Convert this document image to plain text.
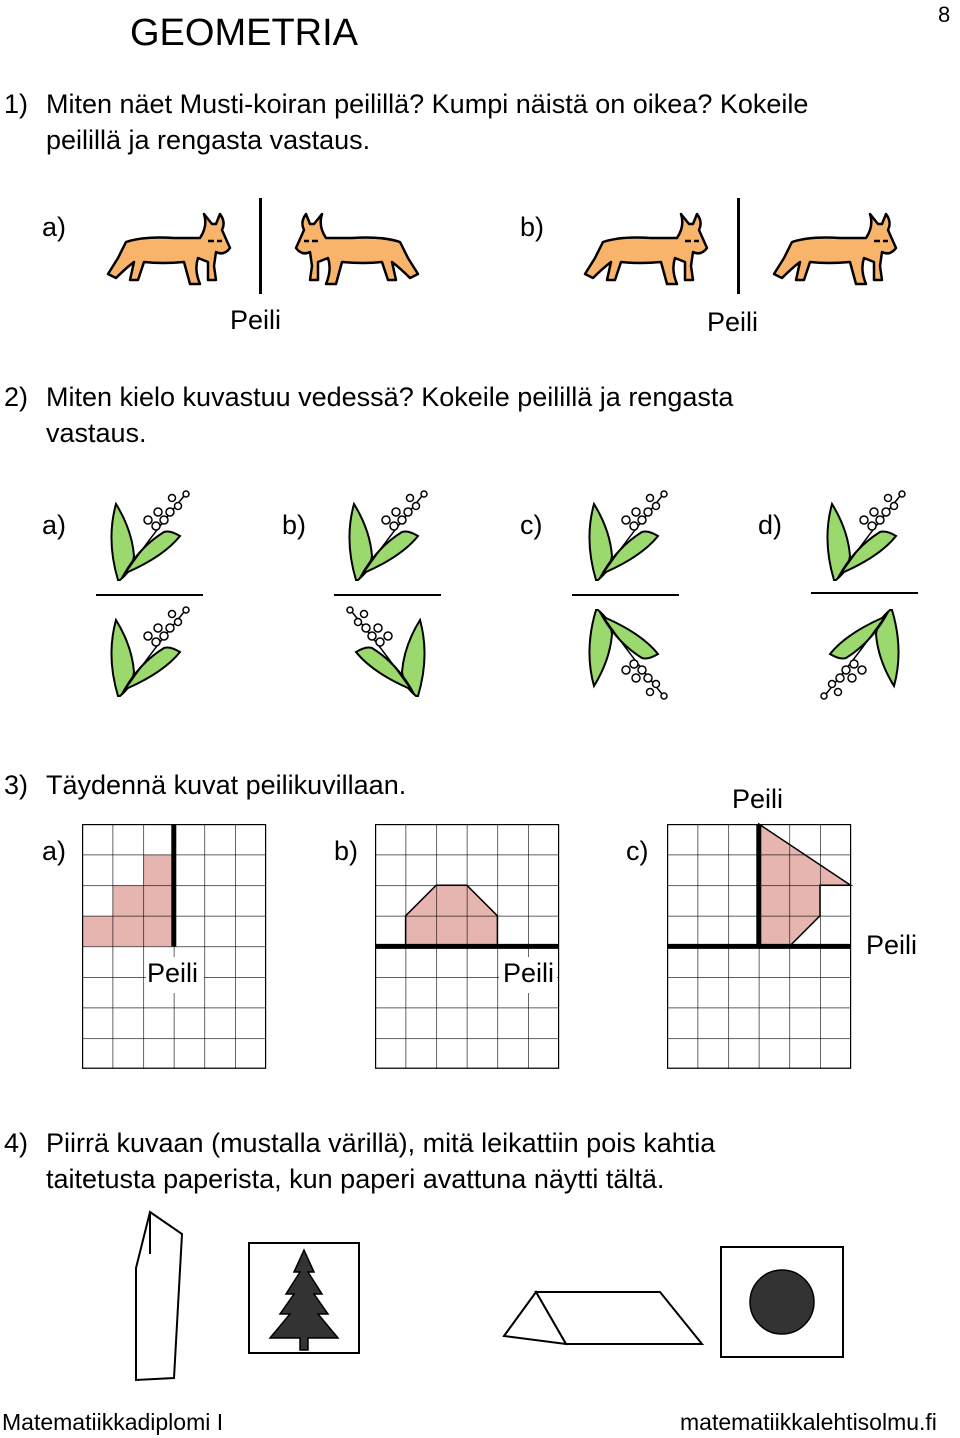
GEOMETRIA	8
1) Miten näet Musti-koiran peilillä? Kumpi näistä on oikea? Kokeile
peilillä ja rengasta vastaus.
a)
Peili
b)
Peili
2) Miten kielo kuvastuu vedessä? Kokeile peilillä ja rengasta
vastaus.
a)	b)	c)	d)
3) Täydennä kuvat peilikuvillaan.	Peili
a)
Peili
b)
Peili
c)
Peili
4) Piirrä kuvaan (mustalla värillä), mitä leikattiin pois kahtia
taitetusta paperista, kun paperi avattuna näytti tältä.
Matematiikkadiplomi I	matematiikkalehtisolmu.fi
